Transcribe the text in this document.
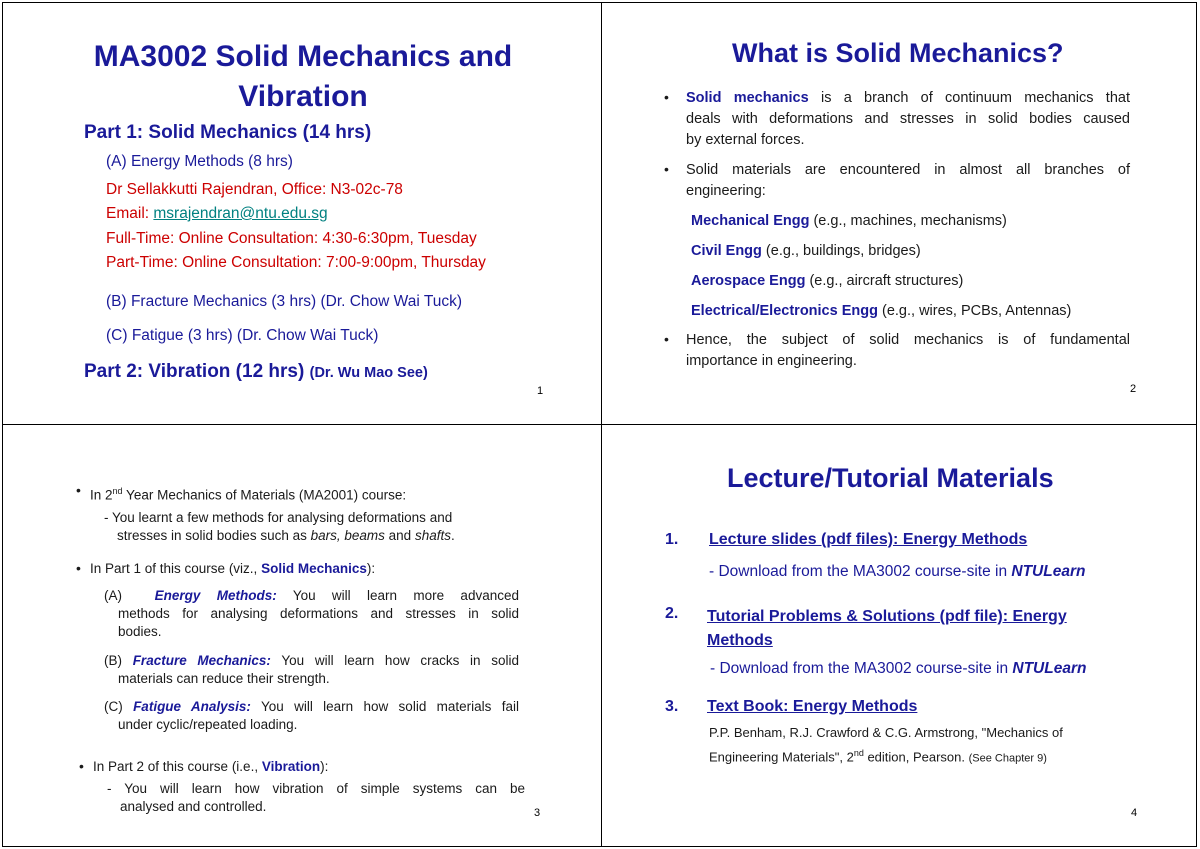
MA3002 Solid Mechanics and Vibration
Part 1: Solid Mechanics (14 hrs)
(A) Energy Methods (8 hrs)
Dr Sellakkutti Rajendran, Office: N3-02c-78
Email: msrajendran@ntu.edu.sg
Full-Time: Online Consultation: 4:30-6:30pm, Tuesday
Part-Time: Online Consultation: 7:00-9:00pm, Thursday
(B) Fracture Mechanics (3 hrs) (Dr. Chow Wai Tuck)
(C) Fatigue (3 hrs) (Dr. Chow Wai Tuck)
Part 2: Vibration (12 hrs) (Dr. Wu Mao See)
1
What is Solid Mechanics?
• Solid mechanics is a branch of continuum mechanics that
deals with deformations and stresses in solid bodies caused
by external forces.
• Solid materials are encountered in almost all branches of
engineering:
Mechanical Engg (e.g., machines, mechanisms)
Civil Engg (e.g., buildings, bridges)
Aerospace Engg (e.g., aircraft structures)
Electrical/Electronics Engg (e.g., wires, PCBs, Antennas)
• Hence, the subject of solid mechanics is of fundamental
importance in engineering.
2
• In 2nd Year Mechanics of Materials (MA2001) course:
- You learnt a few methods for analysing deformations and
stresses in solid bodies such as bars, beams and shafts.
• In Part 1 of this course (viz., Solid Mechanics):
(A) Energy Methods: You will learn more advanced
methods for analysing deformations and stresses in solid
bodies.
(B) Fracture Mechanics: You will learn how cracks in solid
materials can reduce their strength.
(C) Fatigue Analysis: You will learn how solid materials fail
under cyclic/repeated loading.
• In Part 2 of this course (i.e., Vibration):
- You will learn how vibration of simple systems can be
analysed and controlled.	3
Lecture/Tutorial Materials
1. Lecture slides (pdf files): Energy Methods
- Download from the MA3002 course-site in NTULearn
2. Tutorial Problems & Solutions (pdf file): Energy
Methods
- Download from the MA3002 course-site in NTULearn
3. Text Book: Energy Methods
P.P. Benham, R.J. Crawford & C.G. Armstrong, "Mechanics of
Engineering Materials", 2nd edition, Pearson. (See Chapter 9)
4
